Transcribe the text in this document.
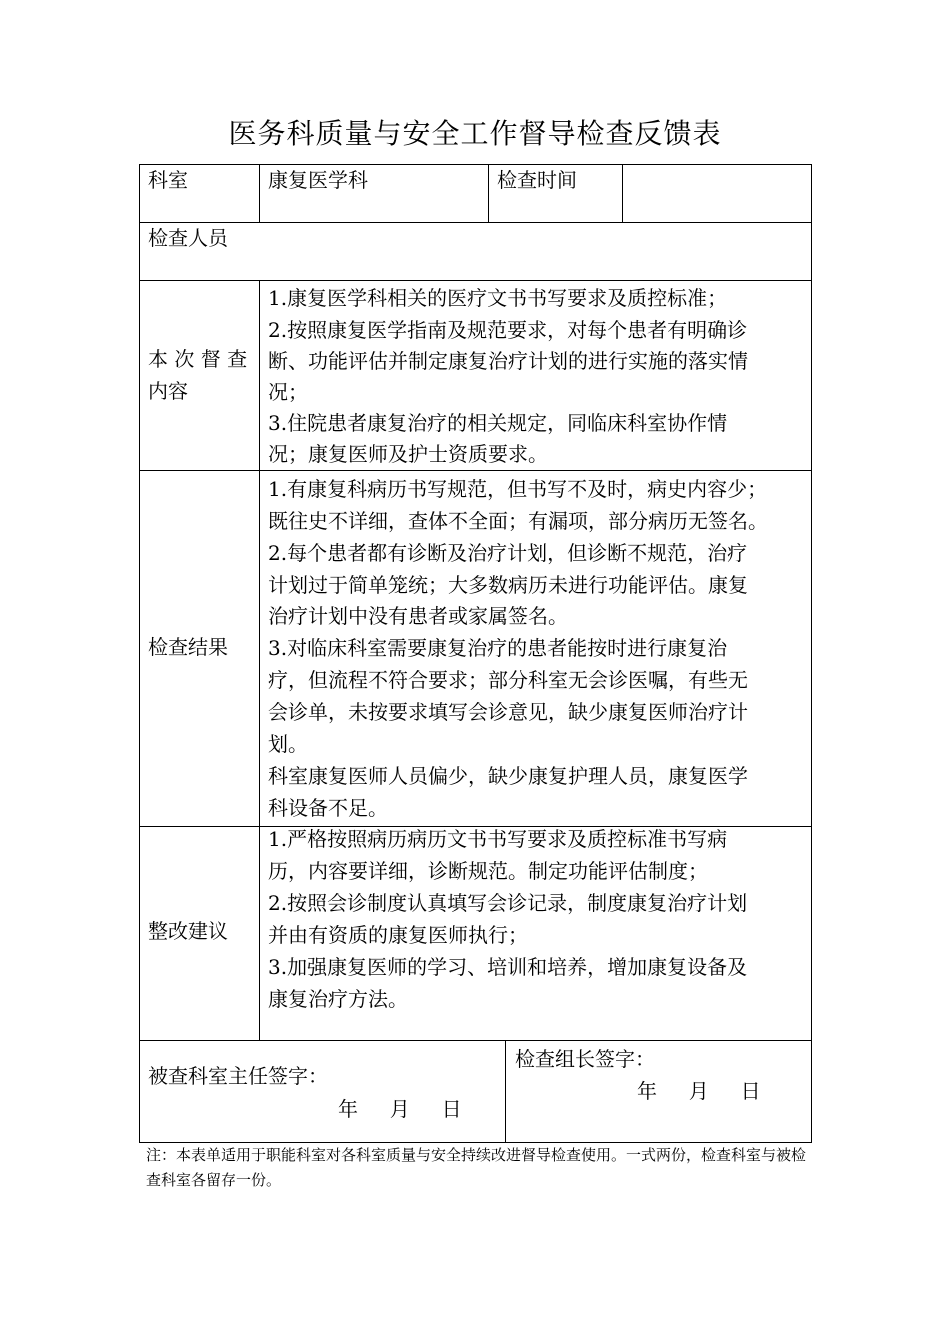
医务科质量与安全工作督导检查反馈表
科室	康复医学科	检查时间
检查人员
本 次 督 查
内容
1.康复医学科相关的医疗文书书写要求及质控标准；
2.按照康复医学指南及规范要求，对每个患者有明确诊
断、功能评估并制定康复治疗计划的进行实施的落实情
况；
3.住院患者康复治疗的相关规定，同临床科室协作情
况；康复医师及护士资质要求。
检查结果
1.有康复科病历书写规范，但书写不及时，病史内容少；
既往史不详细，查体不全面；有漏项，部分病历无签名。
2.每个患者都有诊断及治疗计划，但诊断不规范，治疗
计划过于简单笼统；大多数病历未进行功能评估。康复
治疗计划中没有患者或家属签名。
3.对临床科室需要康复治疗的患者能按时进行康复治
疗，但流程不符合要求；部分科室无会诊医嘱，有些无
会诊单，未按要求填写会诊意见，缺少康复医师治疗计
划。
科室康复医师人员偏少，缺少康复护理人员，康复医学
科设备不足。
整改建议
1.严格按照病历病历文书书写要求及质控标准书写病
历，内容要详细，诊断规范。制定功能评估制度；
2.按照会诊制度认真填写会诊记录，制度康复治疗计划
并由有资质的康复医师执行；
3.加强康复医师的学习、培训和培养，增加康复设备及
康复治疗方法。
被查科室主任签字：
年     月     日
检查组长签字：
年     月     日
注：本表单适用于职能科室对各科室质量与安全持续改进督导检查使用。一式两份，检查科室与被检查科室各留存一份。
